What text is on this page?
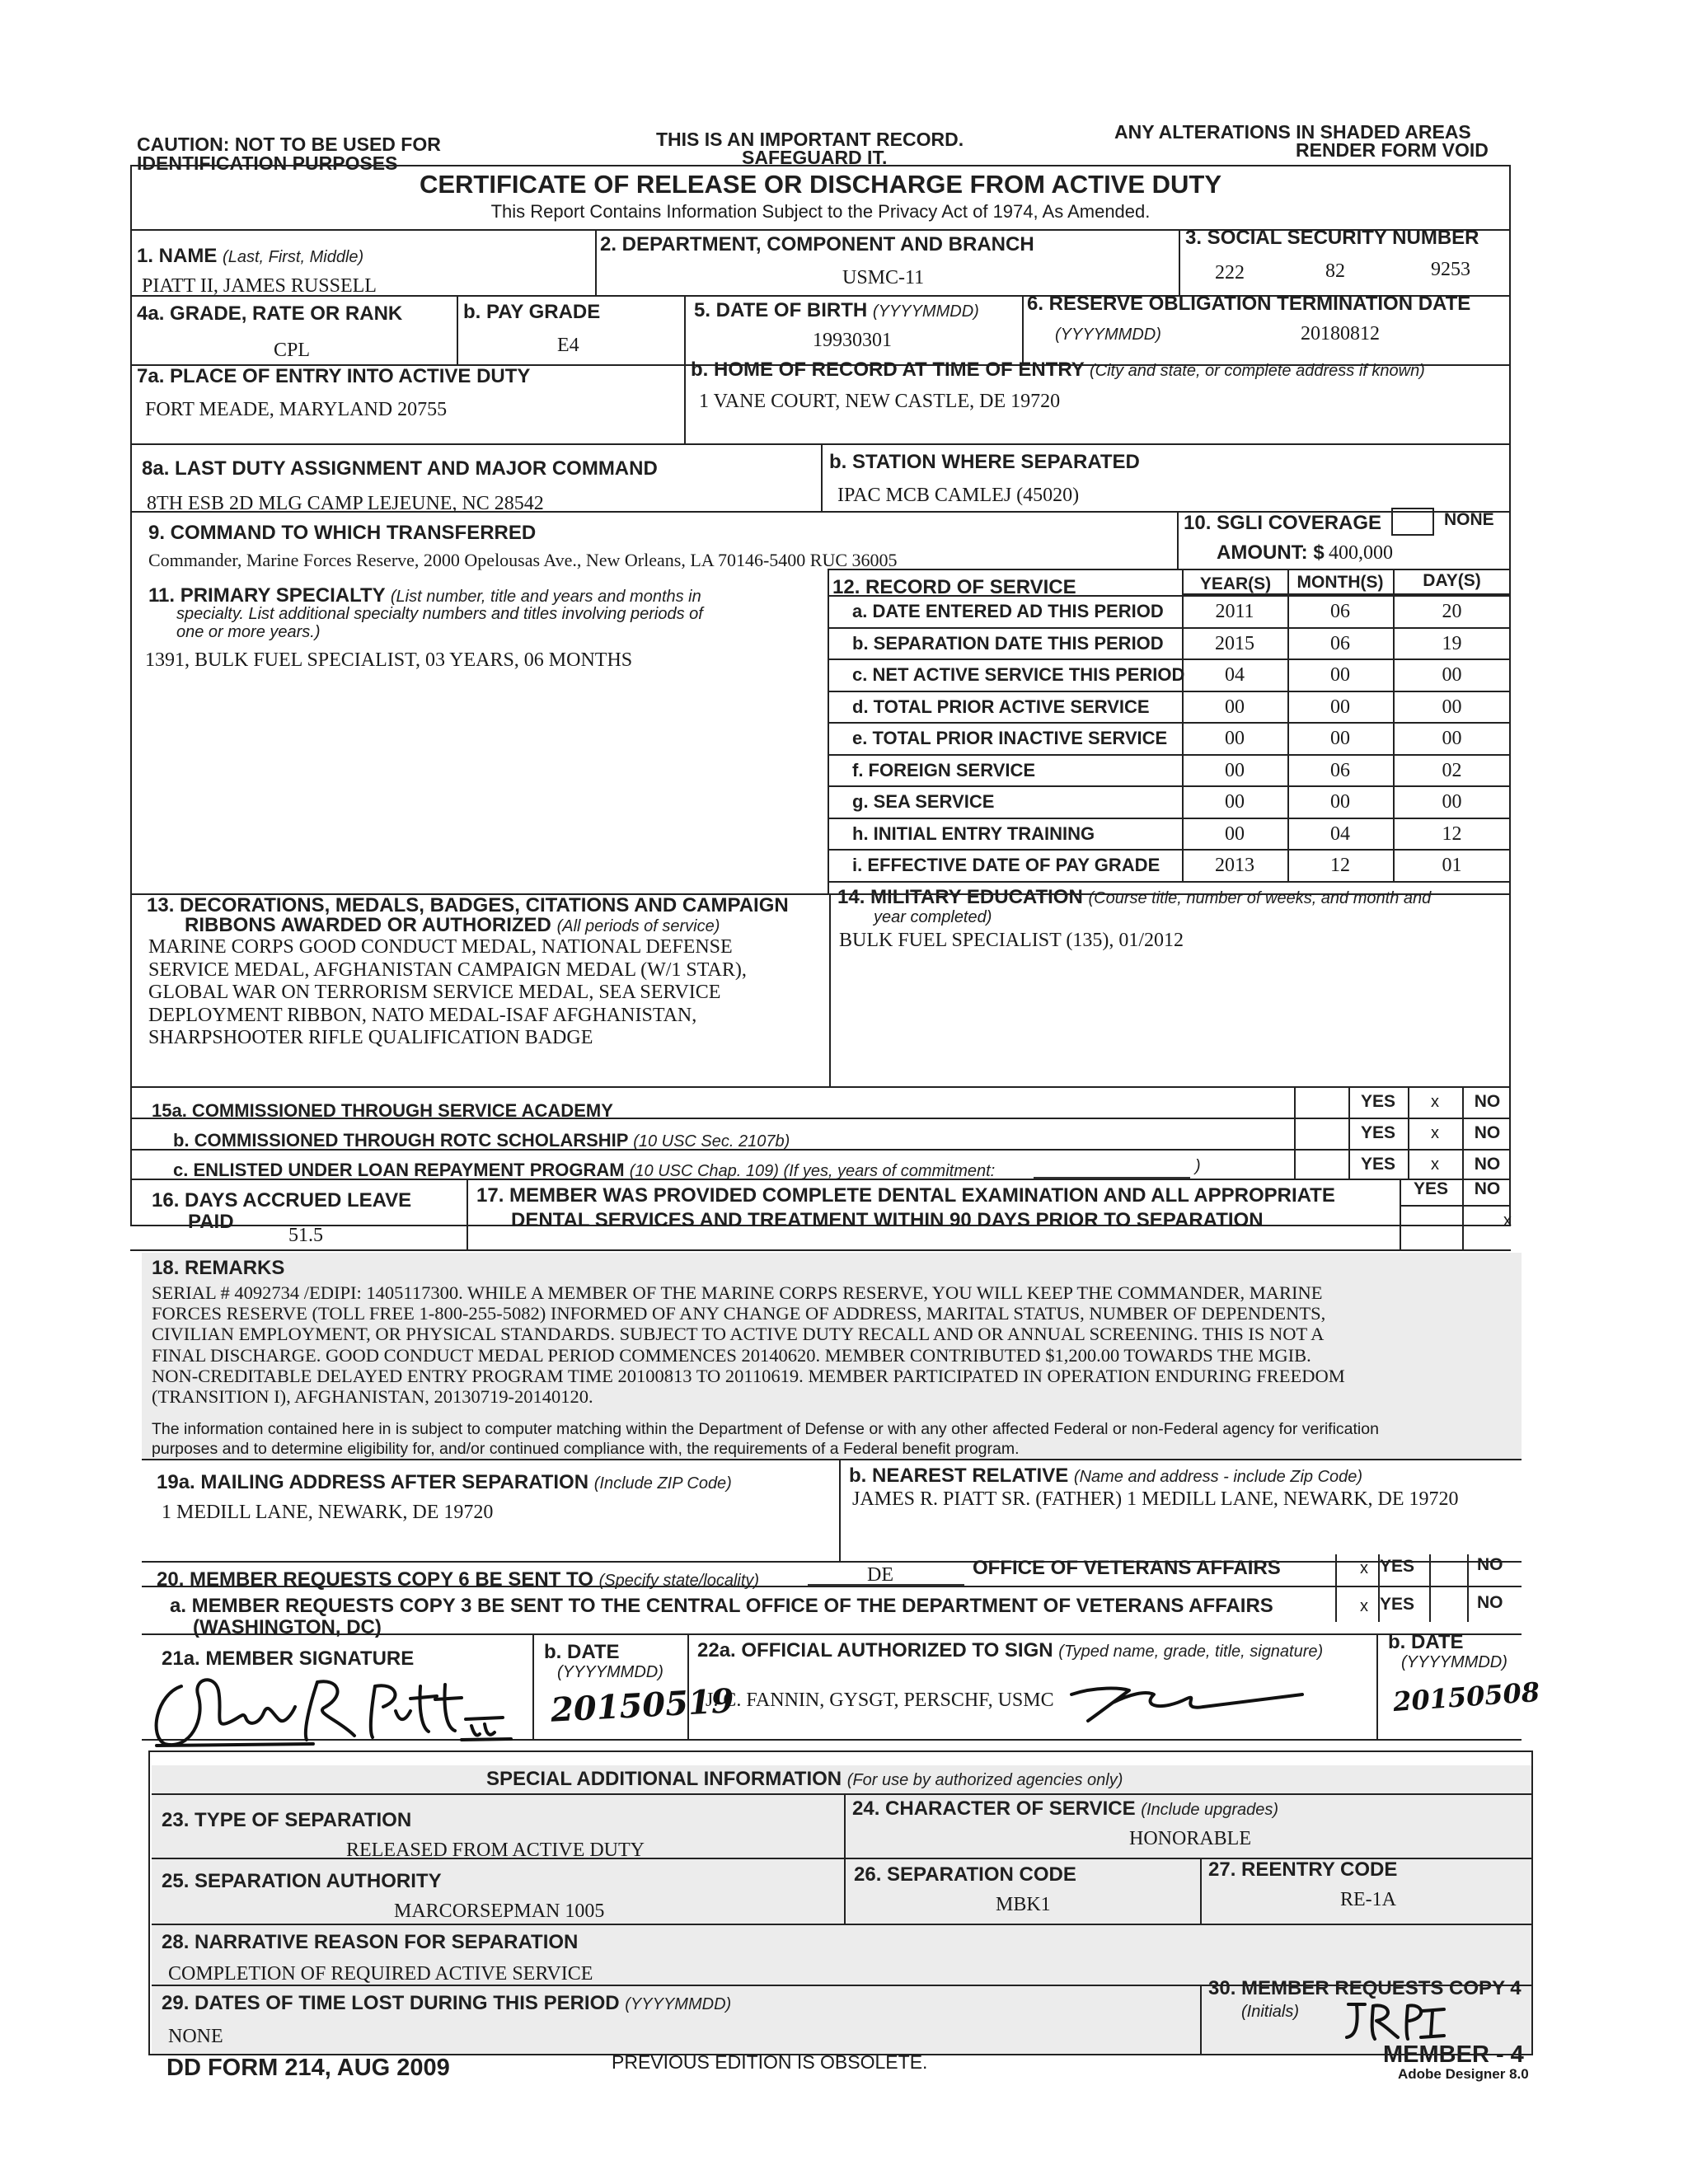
CAUTION: NOT TO BE USED FOR
IDENTIFICATION PURPOSES
THIS IS AN IMPORTANT RECORD.
SAFEGUARD IT.
ANY ALTERATIONS IN SHADED AREAS
RENDER FORM VOID
CERTIFICATE OF RELEASE OR DISCHARGE FROM ACTIVE DUTY
This Report Contains Information Subject to the Privacy Act of 1974, As Amended.
1. NAME (Last, First, Middle)
PIATT II, JAMES RUSSELL
2. DEPARTMENT, COMPONENT AND BRANCH
USMC-11
3. SOCIAL SECURITY NUMBER
222	82	9253
4a. GRADE, RATE OR RANK
CPL
b. PAY GRADE
E4
5. DATE OF BIRTH (YYYYMMDD)
19930301
6. RESERVE OBLIGATION TERMINATION DATE
(YYYYMMDD)	20180812
7a. PLACE OF ENTRY INTO ACTIVE DUTY
FORT MEADE, MARYLAND 20755
b. HOME OF RECORD AT TIME OF ENTRY (City and state, or complete address if known)
1 VANE COURT, NEW CASTLE, DE 19720
8a. LAST DUTY ASSIGNMENT AND MAJOR COMMAND
8TH ESB 2D MLG CAMP LEJEUNE, NC 28542
b. STATION WHERE SEPARATED
IPAC MCB CAMLEJ (45020)
9. COMMAND TO WHICH TRANSFERRED
Commander, Marine Forces Reserve, 2000 Opelousas Ave., New Orleans, LA 70146-5400 RUC 36005
10. SGLI COVERAGE	NONE
AMOUNT: $ 400,000
11. PRIMARY SPECIALTY (List number, title and years and months in
specialty. List additional specialty numbers and titles involving periods of
one or more years.)
1391, BULK FUEL SPECIALIST, 03 YEARS, 06 MONTHS
12. RECORD OF SERVICE	YEAR(S)	MONTH(S)	DAY(S)
a. DATE ENTERED AD THIS PERIOD	2011	06	20
b. SEPARATION DATE THIS PERIOD	2015	06	19
c. NET ACTIVE SERVICE THIS PERIOD	04	00	00
d. TOTAL PRIOR ACTIVE SERVICE	00	00	00
e. TOTAL PRIOR INACTIVE SERVICE	00	00	00
f. FOREIGN SERVICE	00	06	02
g. SEA SERVICE	00	00	00
h. INITIAL ENTRY TRAINING	00	04	12
i. EFFECTIVE DATE OF PAY GRADE	2013	12	01
13. DECORATIONS, MEDALS, BADGES, CITATIONS AND CAMPAIGN
RIBBONS AWARDED OR AUTHORIZED (All periods of service)
MARINE CORPS GOOD CONDUCT MEDAL, NATIONAL DEFENSE
SERVICE MEDAL, AFGHANISTAN CAMPAIGN MEDAL (W/1 STAR),
GLOBAL WAR ON TERRORISM SERVICE MEDAL, SEA SERVICE
DEPLOYMENT RIBBON, NATO MEDAL-ISAF AFGHANISTAN,
SHARPSHOOTER RIFLE QUALIFICATION BADGE
14. MILITARY EDUCATION (Course title, number of weeks, and month and
year completed)
BULK FUEL SPECIALIST (135), 01/2012
15a. COMMISSIONED THROUGH SERVICE ACADEMY
b. COMMISSIONED THROUGH ROTC SCHOLARSHIP (10 USC Sec. 2107b)
c. ENLISTED UNDER LOAN REPAYMENT PROGRAM (10 USC Chap. 109) (If yes, years of commitment:	)
YES	NO
x
YES	NO
x
YES	NO
x
16. DAYS ACCRUED LEAVE
PAID
51.5
17. MEMBER WAS PROVIDED COMPLETE DENTAL EXAMINATION AND ALL APPROPRIATE
DENTAL SERVICES AND TREATMENT WITHIN 90 DAYS PRIOR TO SEPARATION
YES	NO
x
18. REMARKS
SERIAL # 4092734 /EDIPI: 1405117300. WHILE A MEMBER OF THE MARINE CORPS RESERVE, YOU WILL KEEP THE COMMANDER, MARINE
FORCES RESERVE (TOLL FREE 1-800-255-5082) INFORMED OF ANY CHANGE OF ADDRESS, MARITAL STATUS, NUMBER OF DEPENDENTS,
CIVILIAN EMPLOYMENT, OR PHYSICAL STANDARDS. SUBJECT TO ACTIVE DUTY RECALL AND OR ANNUAL SCREENING. THIS IS NOT A
FINAL DISCHARGE. GOOD CONDUCT MEDAL PERIOD COMMENCES 20140620. MEMBER CONTRIBUTED $1,200.00 TOWARDS THE MGIB.
NON-CREDITABLE DELAYED ENTRY PROGRAM TIME 20100813 TO 20110619. MEMBER PARTICIPATED IN OPERATION ENDURING FREEDOM
(TRANSITION I), AFGHANISTAN, 20130719-20140120.
The information contained here in is subject to computer matching within the Department of Defense or with any other affected Federal or non-Federal agency for verification
purposes and to determine eligibility for, and/or continued compliance with, the requirements of a Federal benefit program.
19a. MAILING ADDRESS AFTER SEPARATION (Include ZIP Code)
1 MEDILL LANE, NEWARK, DE 19720
b. NEAREST RELATIVE (Name and address - include Zip Code)
JAMES R. PIATT SR. (FATHER) 1 MEDILL LANE, NEWARK, DE 19720
20. MEMBER REQUESTS COPY 6 BE SENT TO (Specify state/locality)	DE	OFFICE OF VETERANS AFFAIRS	x YES	NO
a. MEMBER REQUESTS COPY 3 BE SENT TO THE CENTRAL OFFICE OF THE DEPARTMENT OF VETERANS AFFAIRS
(WASHINGTON, DC)
x YES	NO
21a. MEMBER SIGNATURE	b. DATE
(YYYYMMDD)
22a. OFFICIAL AUTHORIZED TO SIGN (Typed name, grade, title, signature)
J. C. FANNIN, GYSGT, PERSCHF, USMC
b. DATE
(YYYYMMDD)
20150519	20150508
SPECIAL ADDITIONAL INFORMATION (For use by authorized agencies only)
23. TYPE OF SEPARATION
RELEASED FROM ACTIVE DUTY
24. CHARACTER OF SERVICE (Include upgrades)
HONORABLE
25. SEPARATION AUTHORITY
MARCORSEPMAN 1005
26. SEPARATION CODE
MBK1
27. REENTRY CODE
RE-1A
28. NARRATIVE REASON FOR SEPARATION
COMPLETION OF REQUIRED ACTIVE SERVICE
29. DATES OF TIME LOST DURING THIS PERIOD (YYYYMMDD)
NONE
30. MEMBER REQUESTS COPY 4
(Initials)
DD FORM 214, AUG 2009	PREVIOUS EDITION IS OBSOLETE.	MEMBER - 4
Adobe Designer 8.0
